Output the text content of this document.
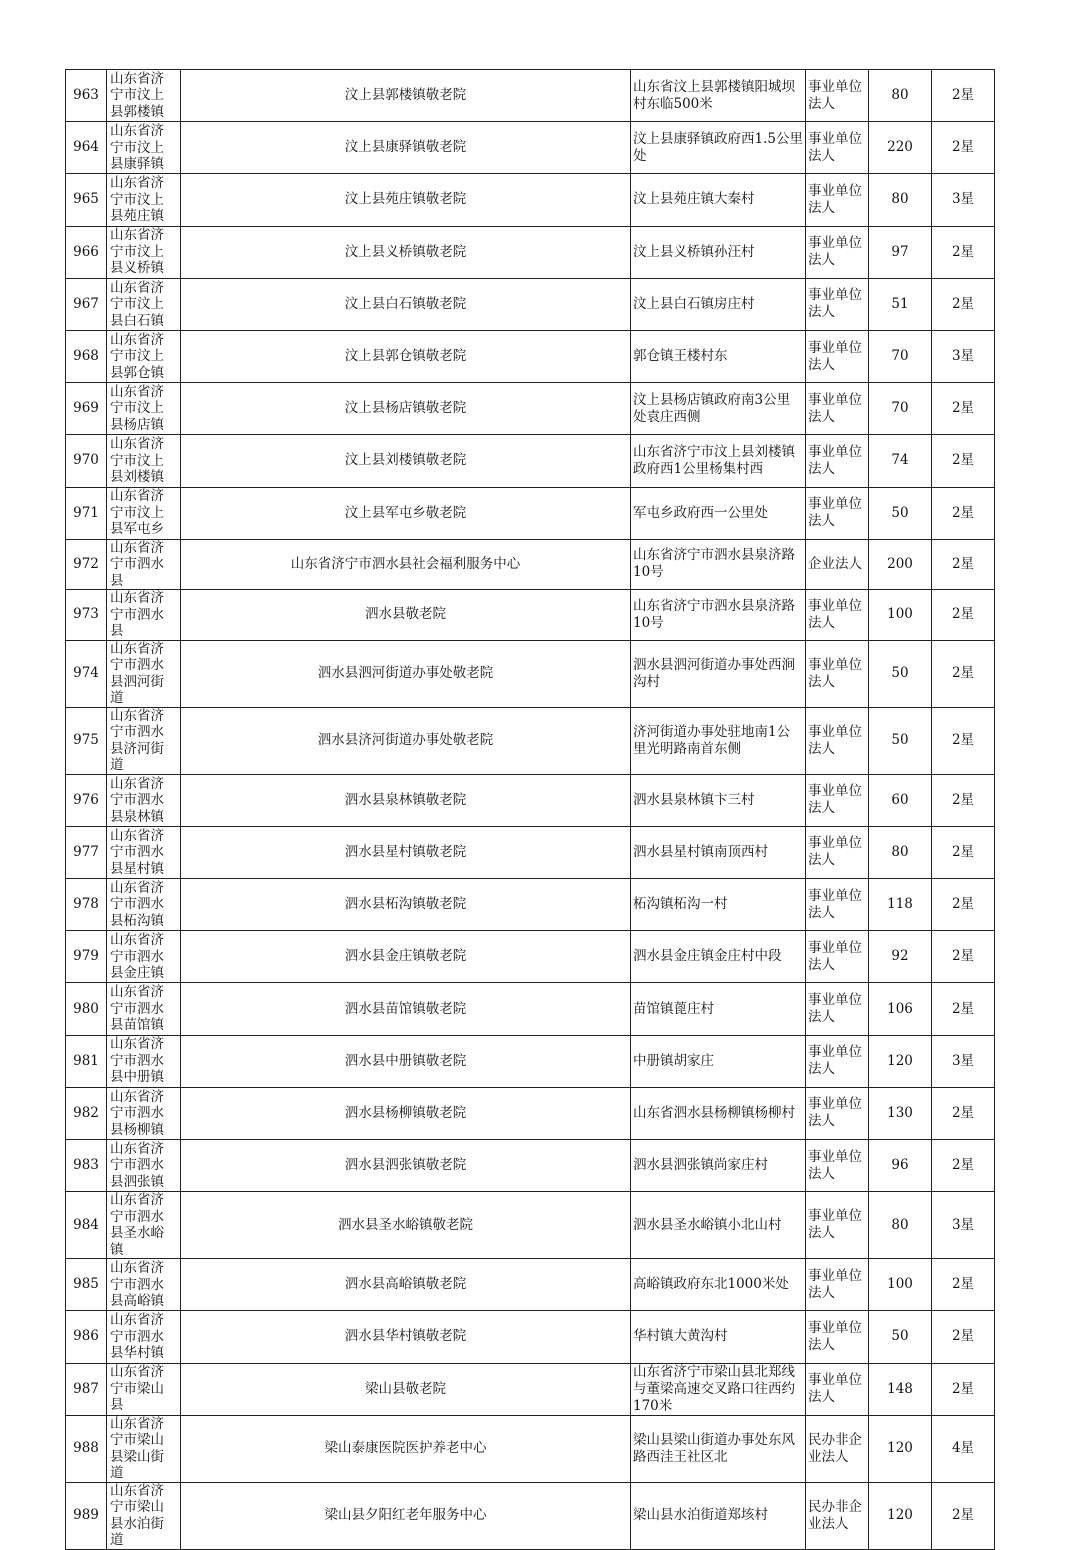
963	山东省济宁市汶上县郭楼镇	汶上县郭楼镇敬老院	山东省汶上县郭楼镇阳城坝村东临500米	事业单位法人	80	2星
964	山东省济宁市汶上县康驿镇	汶上县康驿镇敬老院	汶上县康驿镇政府西1.5公里处	事业单位法人	220	2星
965	山东省济宁市汶上县苑庄镇	汶上县苑庄镇敬老院	汶上县苑庄镇大秦村	事业单位法人	80	3星
966	山东省济宁市汶上县义桥镇	汶上县义桥镇敬老院	汶上县义桥镇孙汪村	事业单位法人	97	2星
967	山东省济宁市汶上县白石镇	汶上县白石镇敬老院	汶上县白石镇房庄村	事业单位法人	51	2星
968	山东省济宁市汶上县郭仓镇	汶上县郭仓镇敬老院	郭仓镇王楼村东	事业单位法人	70	3星
969	山东省济宁市汶上县杨店镇	汶上县杨店镇敬老院	汶上县杨店镇政府南3公里处袁庄西侧	事业单位法人	70	2星
970	山东省济宁市汶上县刘楼镇	汶上县刘楼镇敬老院	山东省济宁市汶上县刘楼镇政府西1公里杨集村西	事业单位法人	74	2星
971	山东省济宁市汶上县军屯乡	汶上县军屯乡敬老院	军屯乡政府西一公里处	事业单位法人	50	2星
972	山东省济宁市泗水县	山东省济宁市泗水县社会福利服务中心	山东省济宁市泗水县泉济路10号	企业法人	200	2星
973	山东省济宁市泗水县	泗水县敬老院	山东省济宁市泗水县泉济路10号	事业单位法人	100	2星
974	山东省济宁市泗水县泗河街道	泗水县泗河街道办事处敬老院	泗水县泗河街道办事处西涧沟村	事业单位法人	50	2星
975	山东省济宁市泗水县济河街道	泗水县济河街道办事处敬老院	济河街道办事处驻地南1公里光明路南首东侧	事业单位法人	50	2星
976	山东省济宁市泗水县泉林镇	泗水县泉林镇敬老院	泗水县泉林镇卞三村	事业单位法人	60	2星
977	山东省济宁市泗水县星村镇	泗水县星村镇敬老院	泗水县星村镇南顶西村	事业单位法人	80	2星
978	山东省济宁市泗水县柘沟镇	泗水县柘沟镇敬老院	柘沟镇柘沟一村	事业单位法人	118	2星
979	山东省济宁市泗水县金庄镇	泗水县金庄镇敬老院	泗水县金庄镇金庄村中段	事业单位法人	92	2星
980	山东省济宁市泗水县苗馆镇	泗水县苗馆镇敬老院	苗馆镇蓖庄村	事业单位法人	106	2星
981	山东省济宁市泗水县中册镇	泗水县中册镇敬老院	中册镇胡家庄	事业单位法人	120	3星
982	山东省济宁市泗水县杨柳镇	泗水县杨柳镇敬老院	山东省泗水县杨柳镇杨柳村	事业单位法人	130	2星
983	山东省济宁市泗水县泗张镇	泗水县泗张镇敬老院	泗水县泗张镇尚家庄村	事业单位法人	96	2星
984	山东省济宁市泗水县圣水峪镇	泗水县圣水峪镇敬老院	泗水县圣水峪镇小北山村	事业单位法人	80	3星
985	山东省济宁市泗水县高峪镇	泗水县高峪镇敬老院	高峪镇政府东北1000米处	事业单位法人	100	2星
986	山东省济宁市泗水县华村镇	泗水县华村镇敬老院	华村镇大黄沟村	事业单位法人	50	2星
987	山东省济宁市梁山县	梁山县敬老院	山东省济宁市梁山县北郑线与董梁高速交叉路口往西约170米	事业单位法人	148	2星
988	山东省济宁市梁山县梁山街道	梁山泰康医院医护养老中心	梁山县梁山街道办事处东风路西洼王社区北	民办非企业法人	120	4星
989	山东省济宁市梁山县水泊街道	梁山县夕阳红老年服务中心	梁山县水泊街道郑垓村	民办非企业法人	120	2星
